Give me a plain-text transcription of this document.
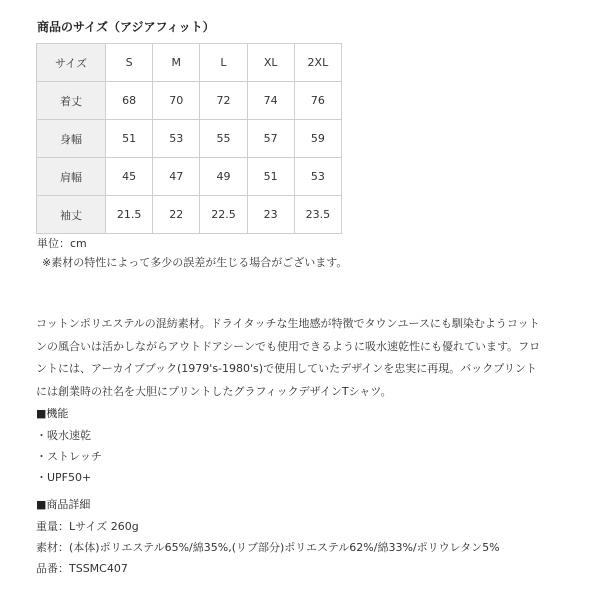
商品のサイズ（アジアフィット）
サイズ	S	M	L	XL	2XL
着丈	68	70	72	74	76
身幅	51	53	55	57	59
肩幅	45	47	49	51	53
袖丈	21.5	22	22.5	23	23.5
単位：cm
※素材の特性によって多少の誤差が生じる場合がございます。
コットンポリエステルの混紡素材。ドライタッチな生地感が特徴でタウンユースにも馴染むようコット
ンの風合いは活かしながらアウトドアシーンでも使用できるように吸水速乾性にも優れています。フロ
ントには、アーカイブブック(1979's-1980's)で使用していたデザインを忠実に再現。バックプリント
には創業時の社名を大胆にプリントしたグラフィックデザインTシャツ。
■機能
・吸水速乾
・ストレッチ
・UPF50+
■商品詳細
重量：Lサイズ 260g
素材：(本体)ポリエステル65%/綿35%,(リブ部分)ポリエステル62%/綿33%/ポリウレタン5%
品番：TSSMC407
